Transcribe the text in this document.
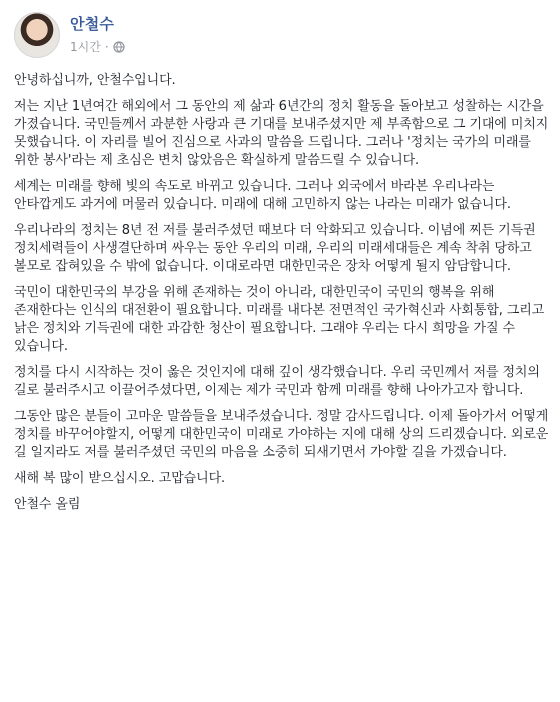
안철수
1시간 ·

안녕하십니까, 안철수입니다.

저는 지난 1년여간 해외에서 그 동안의 제 삶과 6년간의 정치 활동을 돌아보고 성찰하는 시간을 가졌습니다. 국민들께서 과분한 사랑과 큰 기대를 보내주셨지만 제 부족함으로 그 기대에 미치지 못했습니다. 이 자리를 빌어 진심으로 사과의 말씀을 드립니다. 그러나 '정치는 국가의 미래를 위한 봉사'라는 제 초심은 변치 않았음은 확실하게 말씀드릴 수 있습니다.

세계는 미래를 향해 빛의 속도로 바뀌고 있습니다. 그러나 외국에서 바라본 우리나라는 안타깝게도 과거에 머물러 있습니다. 미래에 대해 고민하지 않는 나라는 미래가 없습니다.

우리나라의 정치는 8년 전 저를 불러주셨던 때보다 더 악화되고 있습니다. 이념에 찌든 기득권 정치세력들이 사생결단하며 싸우는 동안 우리의 미래, 우리의 미래세대들은 계속 착취 당하고 볼모로 잡혀있을 수 밖에 없습니다. 이대로라면 대한민국은 장차 어떻게 될지 암담합니다.

국민이 대한민국의 부강을 위해 존재하는 것이 아니라, 대한민국이 국민의 행복을 위해 존재한다는 인식의 대전환이 필요합니다. 미래를 내다본 전면적인 국가혁신과 사회통합, 그리고 낡은 정치와 기득권에 대한 과감한 청산이 필요합니다. 그래야 우리는 다시 희망을 가질 수 있습니다.

정치를 다시 시작하는 것이 옳은 것인지에 대해 깊이 생각했습니다. 우리 국민께서 저를 정치의 길로 불러주시고 이끌어주셨다면, 이제는 제가 국민과 함께 미래를 향해 나아가고자 합니다.

그동안 많은 분들이 고마운 말씀들을 보내주셨습니다. 정말 감사드립니다. 이제 돌아가서 어떻게 정치를 바꾸어야할지, 어떻게 대한민국이 미래로 가야하는 지에 대해 상의 드리겠습니다. 외로운 길 일지라도 저를 불러주셨던 국민의 마음을 소중히 되새기면서 가야할 길을 가겠습니다.

새해 복 많이 받으십시오. 고맙습니다.

안철수 올림
